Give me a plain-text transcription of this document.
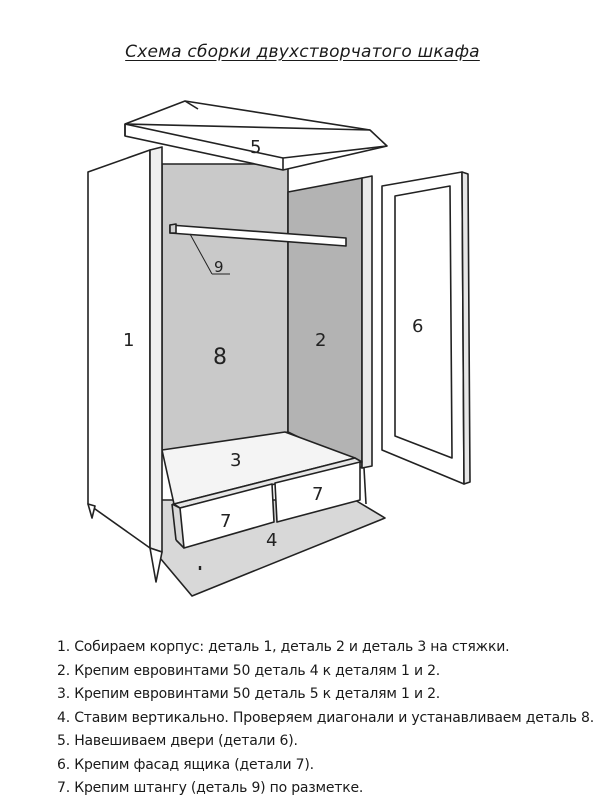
Схема сборки двухстворчатого шкафа
5
1
8
2
6
9
3
7
7
4
1. Собираем корпус: деталь 1, деталь 2 и деталь 3 на стяжки.
2. Крепим евровинтами 50 деталь 4 к деталям 1 и 2.
3. Крепим евровинтами 50 деталь 5 к деталям 1 и 2.
4. Ставим вертикально. Проверяем диагонали и устанавливаем деталь 8.
5. Навешиваем двери (детали 6).
6. Крепим фасад ящика (детали 7).
7. Крепим штангу (деталь 9) по разметке.
